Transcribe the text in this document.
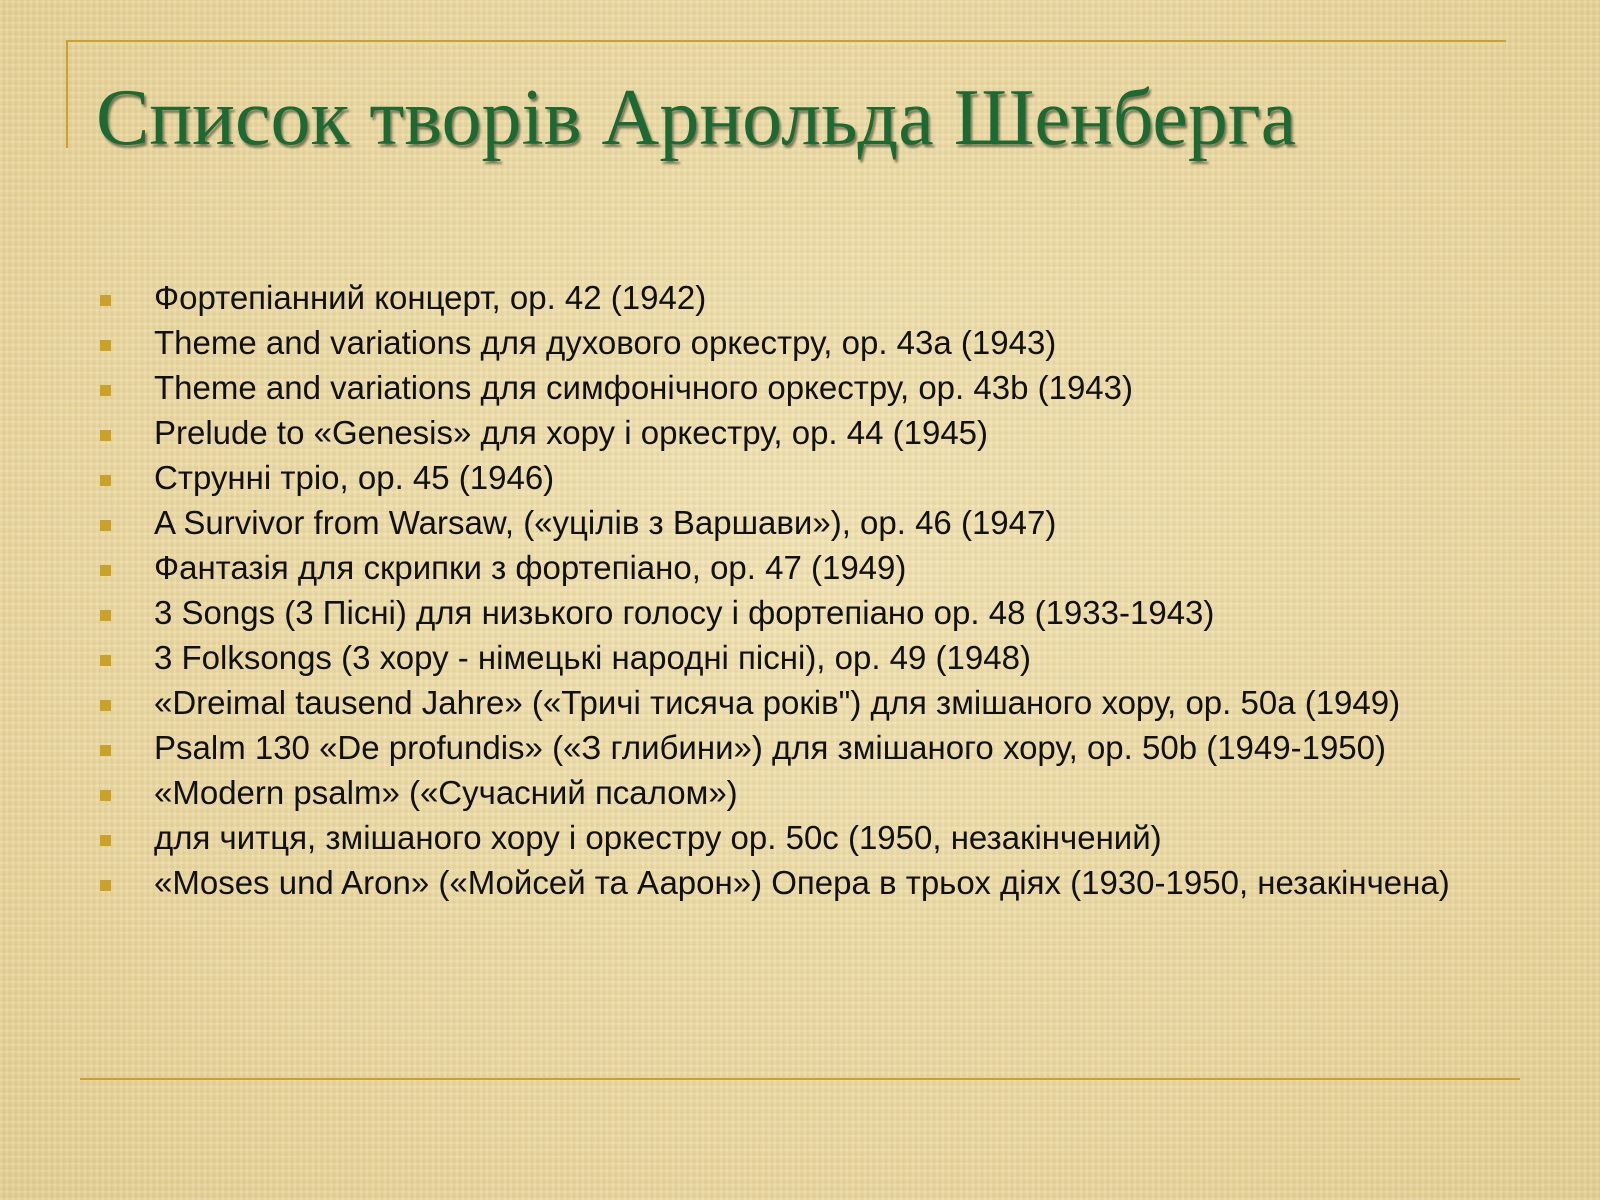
Список творів Арнольда Шенберга
Фортепіанний концерт, op. 42 (1942)
Theme and variations для духового оркестру, op. 43a (1943)
Theme and variations для симфонічного оркестру, op. 43b (1943)
Prelude to «Genesis» для хору і оркестру, op. 44 (1945)
Струнні тріо, op. 45 (1946)
A Survivor from Warsaw, («уцілів з Варшави»), op. 46 (1947)
Фантазія для скрипки з фортепіано, op. 47 (1949)
3 Songs (3 Пісні) для низького голосу і фортепіано op. 48 (1933-1943)
3 Folksongs (3 хору - німецькі народні пісні), op. 49 (1948)
«Dreimal tausend Jahre» («Тричі тисяча років") для змішаного хору, op. 50a (1949)
Psalm 130 «De profundis» («З глибини») для змішаного хору, op. 50b (1949-1950)
«Modern psalm» («Сучасний псалом»)
для читця, змішаного хору і оркестру op. 50c (1950, незакінчений)
«Moses und Aron» («Мойсей та Аарон») Опера в трьох діях (1930-1950, незакінчена)
